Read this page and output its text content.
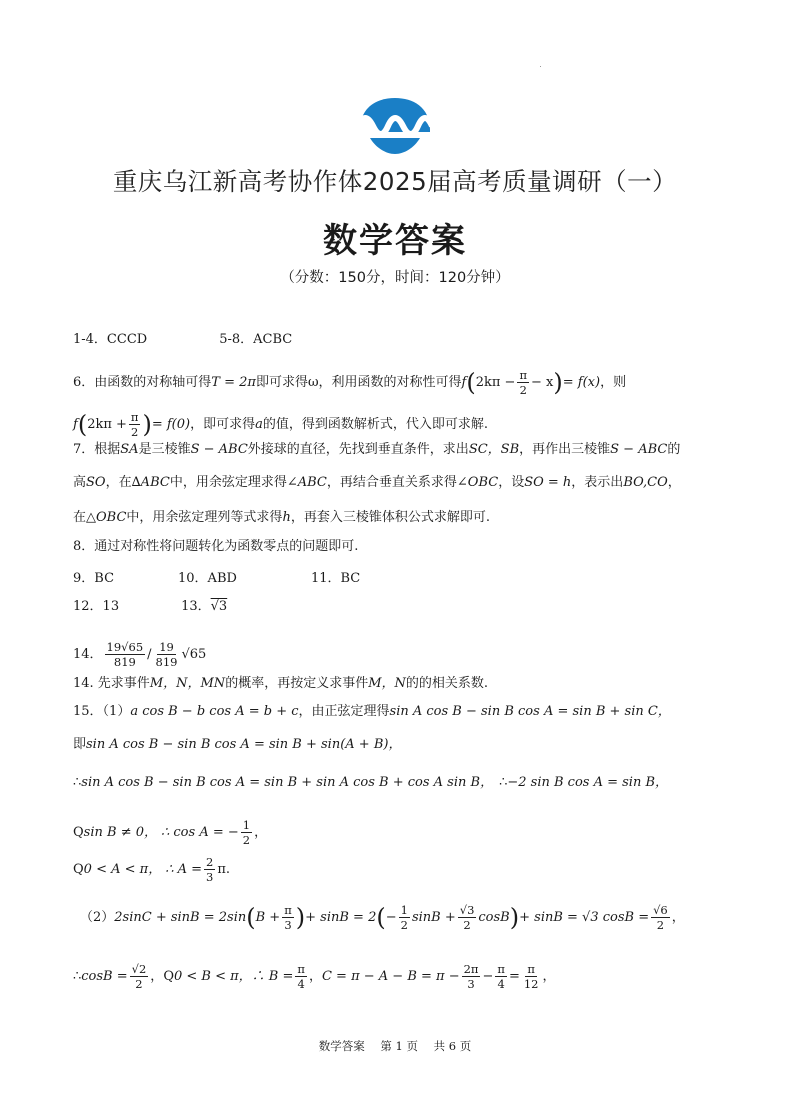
重庆乌江新高考协作体2025届高考质量调研（一）
数学答案
（分数：150分，时间：120分钟）
1-4．CCCD	5-8．ACBC
6．由函数的对称轴可得T = 2π即可求得ω，利用函数的对称性可得$f(2k\pi - \frac{\pi}{2} - x)= f(x)$，则
$f(2k\pi + \frac{\pi}{2}$ )= f(0)，即可求得a的值，得到函数解析式，代入即可求解.
7．根据SA是三棱锥S − ABC外接球的直径，先找到垂直条件，求出SC，SB，再作出三棱锥S − ABC的
高SO，在∆ABC中，用余弦定理求得∠ABC，再结合垂直关系求得∠OBC，设SO = h，表示出BO,CO，
在△OBC中，用余弦定理列等式求得h，再套入三棱锥体积公式求解即可.
8．通过对称性将问题转化为函数零点的问题即可.
9．BC	10．ABD	11．BC
12．13	13．√3
14． $\frac{19√65}{819} / \frac{19}{819} √65$
14. 先求事件M，N，MN的概率，再按定义求事件M，N的的相关系数.
15．（1）a cos B − b cos A = b + c，由正弦定理得sin A cos B − sin B cos A = sin B + sin C，
即sin A cos B − sin B cos A = sin B + sin(A + B)，
∴sin A cos B − sin B cos A = sin B + sin A cos B + cos A sin B， ∴−2 sin B cos A = sin B，
Qsin B ≠ 0， ∴ cos A = − $\frac{1}{2}$ ，
Q0 < A < π， ∴ $A = \frac{2}{3} \pi$.
$(2)2\sin C + \sin B = 2\sin(B + \frac{\pi}{3}$ )+ $\sin B = 2(- \frac{1}{2}$ $\sin B + \frac{√3}{2} \cos B)+ \sin B = √3$ $\cos B = \frac{√6}{2}$ ，
∴cosB = $\frac{√2}{2}$ ，Q0 < B < π，∴ $B = \frac{\pi}{4}$ ，$C = \pi - A - B = \pi - \frac{2\pi}{3} - \frac{\pi}{4} = \frac{\pi}{12}$ ，
数学答案 第 1 页 共 6 页
